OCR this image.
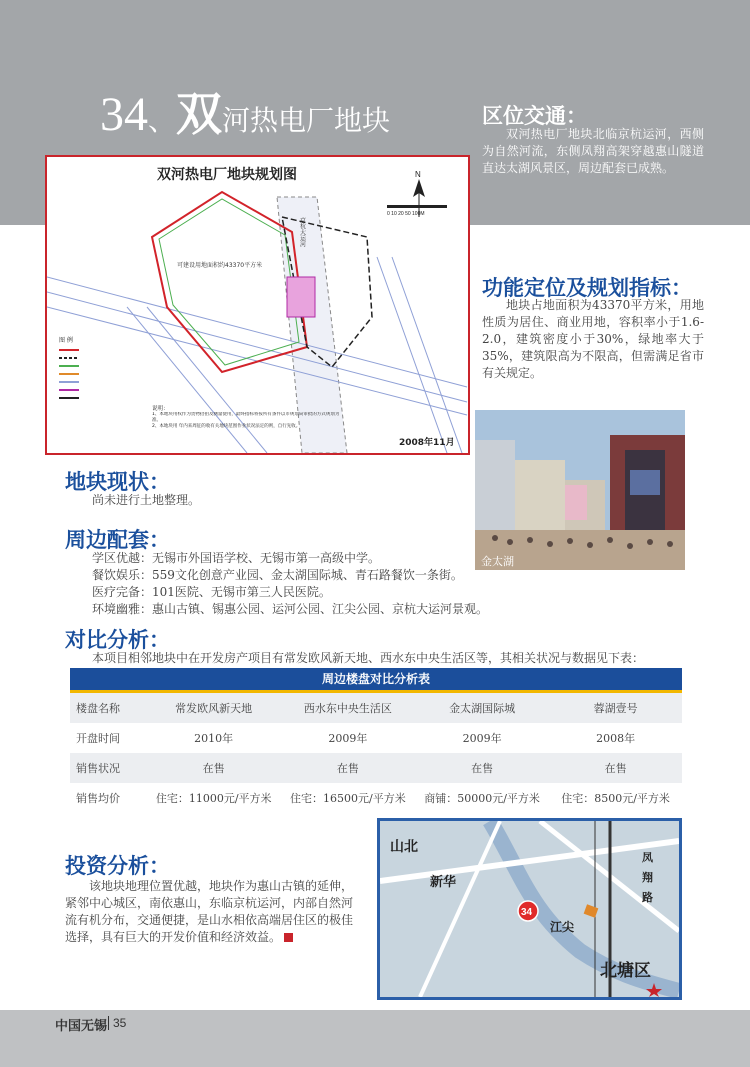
34、双河热电厂地块	区位交通：
双河热电厂地块北临京杭运河，西侧为自然河流，东侧凤翔高架穿越惠山隧道直达太湖风景区，周边配套已成熟。
双河热电厂地块规划图
可建设用地面积约43370平方米
京杭大运河
N
0 10 20 50 100M
图 例
说明：
1、本地块用权作为货物招拍及测量使用，最终指标将按所有条件以市规划局审批的方式规划为准。
2、本地块用 年内来周征的收有关地块范围作业状况法定的则，自行先收。
2008年11月
功能定位及规划指标：
地块占地面积为43370平方米，用地性质为居住、商业用地，容积率小于1.6-2.0，建筑密度小于30%，绿地率大于35%，建筑限高为不限高，但需满足省市有关规定。
金太湖
地块现状：
尚未进行土地整理。
周边配套：
学区优越：无锡市外国语学校、无锡市第一高级中学。
餐饮娱乐：559文化创意产业园、金太湖国际城、青石路餐饮一条街。
医疗完备：101医院、无锡市第三人民医院。
环境幽雅：惠山古镇、锡惠公园、运河公园、江尖公园、京杭大运河景观。
对比分析：
本项目相邻地块中在开发房产项目有常发欧风新天地、西水东中央生活区等，其相关状况与数据见下表：
周边楼盘对比分析表
楼盘名称	常发欧风新天地	西水东中央生活区	金太湖国际城	蓉湖壹号
开盘时间	2010年	2009年	2009年	2008年
销售状况	在售	在售	在售	在售
销售均价	住宅：11000元/平方米	住宅：16500元/平方米	商铺：50000元/平方米	住宅：8500元/平方米
投资分析：
该地块地理位置优越，地块作为惠山古镇的延伸，紧邻中心城区，南依惠山，东临京杭运河，内部自然河流有机分布，交通便捷，是山水相依高端居住区的极佳选择，具有巨大的开发价值和经济效益。
山北
新华
北塘区
江尖
凤
翔
路
34
中国无锡 35
